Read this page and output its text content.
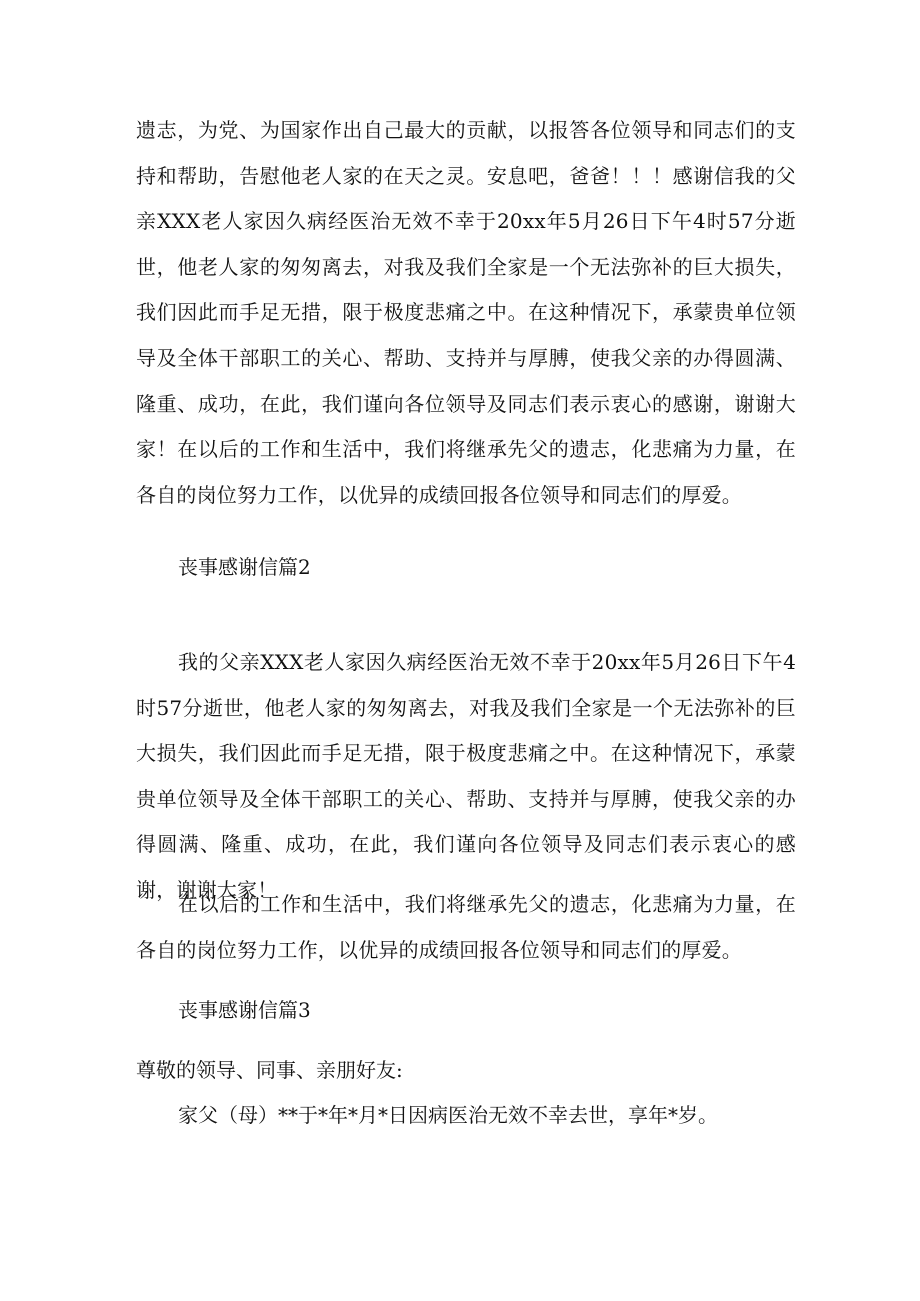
遗志，为党、为国家作出自己最大的贡献，以报答各位领导和同志们的支持和帮助，告慰他老人家的在天之灵。安息吧，爸爸！！！感谢信我的父亲XXX老人家因久病经医治无效不幸于20xx年5月26日下午4时57分逝世，他老人家的匆匆离去，对我及我们全家是一个无法弥补的巨大损失，我们因此而手足无措，限于极度悲痛之中。在这种情况下，承蒙贵单位领导及全体干部职工的关心、帮助、支持并与厚膊，使我父亲的办得圆满、隆重、成功，在此，我们谨向各位领导及同志们表示衷心的感谢，谢谢大家！在以后的工作和生活中，我们将继承先父的遗志，化悲痛为力量，在各自的岗位努力工作，以优异的成绩回报各位领导和同志们的厚爱。

丧事感谢信篇2

我的父亲XXX老人家因久病经医治无效不幸于20xx年5月26日下午4时57分逝世，他老人家的匆匆离去，对我及我们全家是一个无法弥补的巨大损失，我们因此而手足无措，限于极度悲痛之中。在这种情况下，承蒙贵单位领导及全体干部职工的关心、帮助、支持并与厚膊，使我父亲的办得圆满、隆重、成功，在此，我们谨向各位领导及同志们表示衷心的感谢，谢谢大家！

在以后的工作和生活中，我们将继承先父的遗志，化悲痛为力量，在各自的岗位努力工作，以优异的成绩回报各位领导和同志们的厚爱。

丧事感谢信篇3

尊敬的领导、同事、亲朋好友:

家父（母）**于*年*月*日因病医治无效不幸去世，享年*岁。
